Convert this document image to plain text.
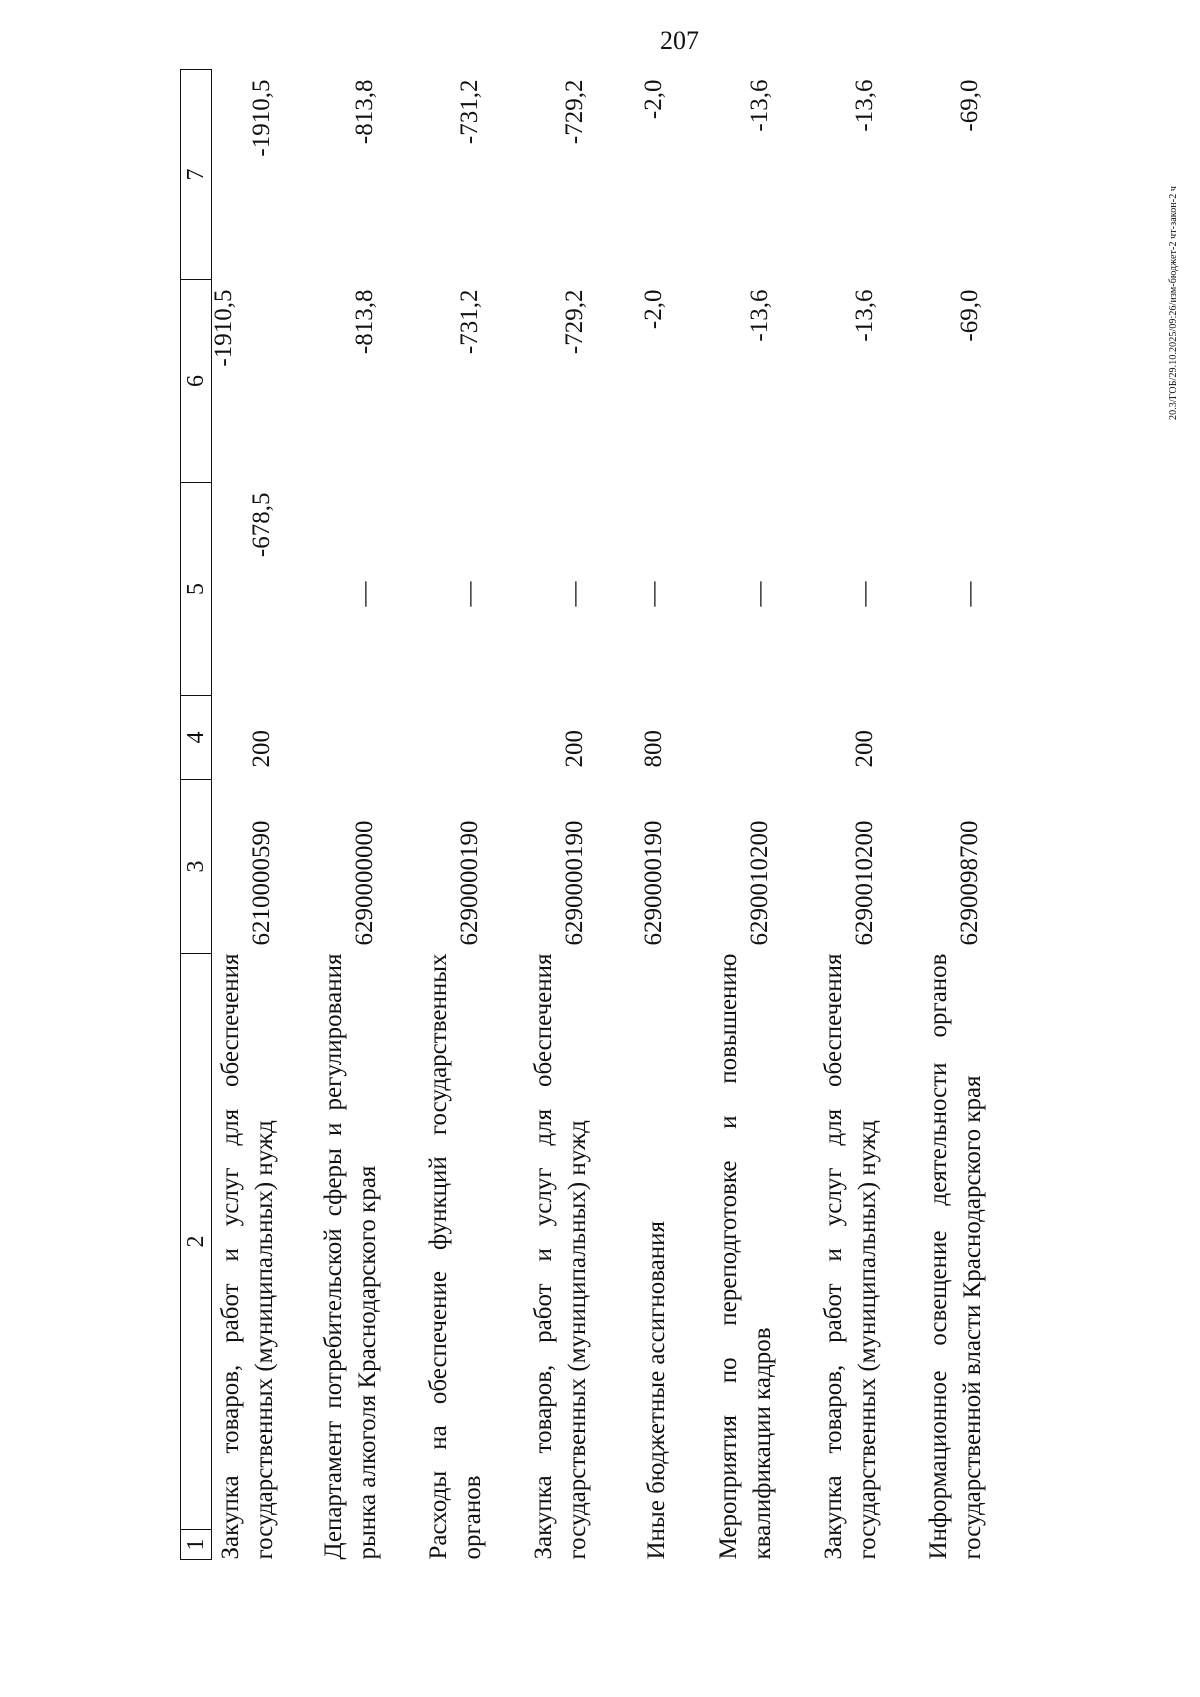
207
20.3/ГОБ/29.10.2025/09:26/изм-бюджет-2 чт-закон-2 ч
1	2	3	4	5	6	7
Закупка товаров, работ и услуг для обеспечения государственных (муниципальных) нужд		6210000590	200	-678,5	-1910,5	-1910,5

Департамент потребительской сферы и регулирования рынка алкоголя Краснодарского края		6290000000		—	-813,8	-813,8

Расходы на обеспечение функций государственных органов		6290000190		—	-731,2	-731,2

Закупка товаров, работ и услуг для обеспечения государственных (муниципальных) нужд		6290000190	200	—	-729,2	-729,2

Иные бюджетные ассигнования		6290000190	800	—	-2,0	-2,0

Мероприятия по переподготовке и повышению квалификации кадров		6290010200		—	-13,6	-13,6

Закупка товаров, работ и услуг для обеспечения государственных (муниципальных) нужд		6290010200	200	—	-13,6	-13,6

Информационное освещение деятельности органов государственной власти Краснодарского края		6290098700		—	-69,0	-69,0
